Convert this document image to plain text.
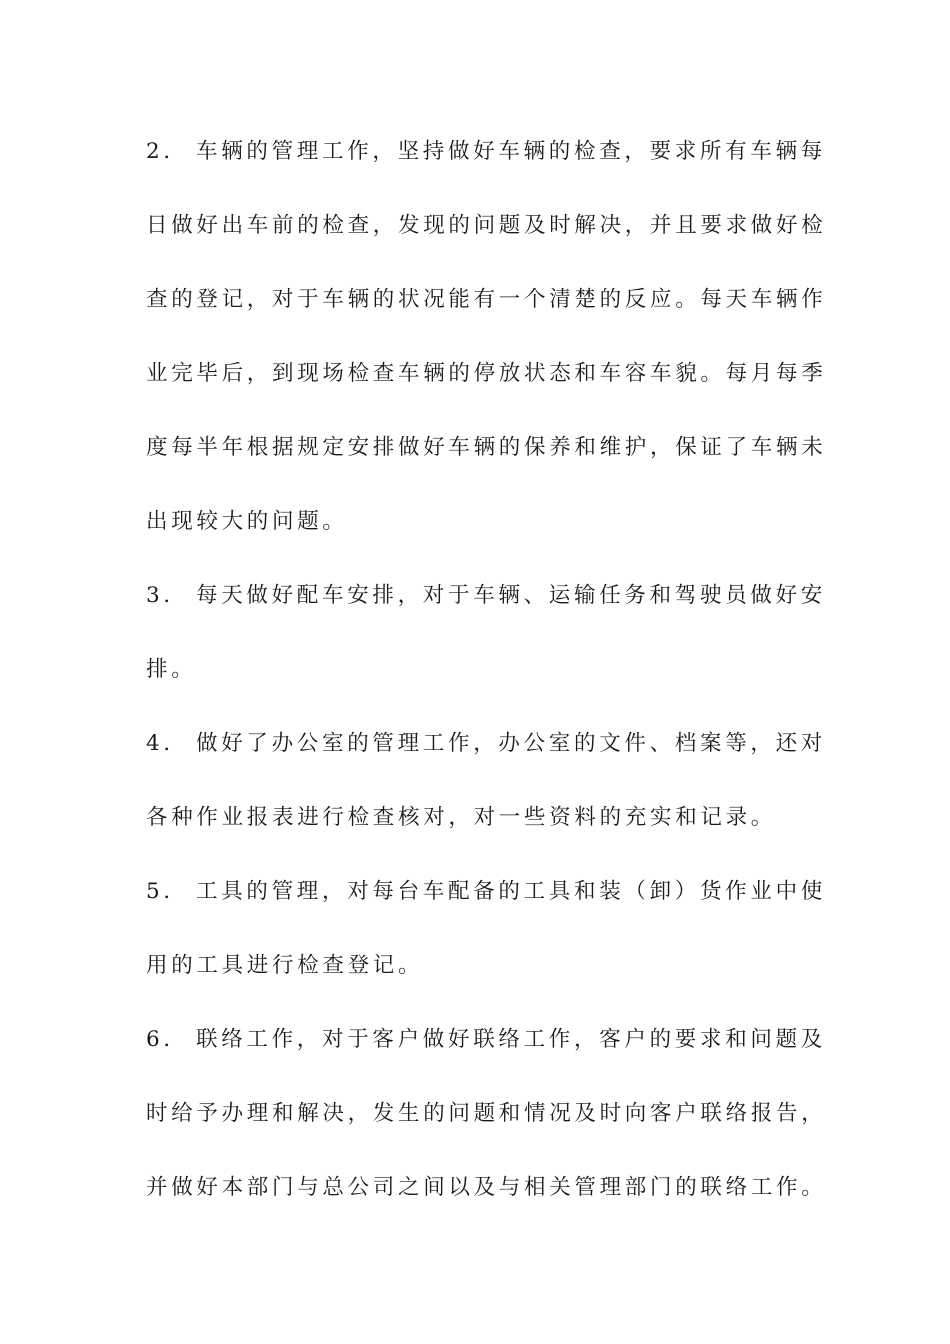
2． 车辆的管理工作，坚持做好车辆的检查，要求所有车辆每
日做好出车前的检查，发现的问题及时解决，并且要求做好检
查的登记，对于车辆的状况能有一个清楚的反应。每天车辆作
业完毕后，到现场检查车辆的停放状态和车容车貌。每月每季
度每半年根据规定安排做好车辆的保养和维护，保证了车辆未
出现较大的问题。
3． 每天做好配车安排，对于车辆、运输任务和驾驶员做好安
排。
4． 做好了办公室的管理工作，办公室的文件、档案等，还对
各种作业报表进行检查核对，对一些资料的充实和记录。
5． 工具的管理，对每台车配备的工具和装（卸）货作业中使
用的工具进行检查登记。
6． 联络工作，对于客户做好联络工作，客户的要求和问题及
时给予办理和解决，发生的问题和情况及时向客户联络报告，
并做好本部门与总公司之间以及与相关管理部门的联络工作。
